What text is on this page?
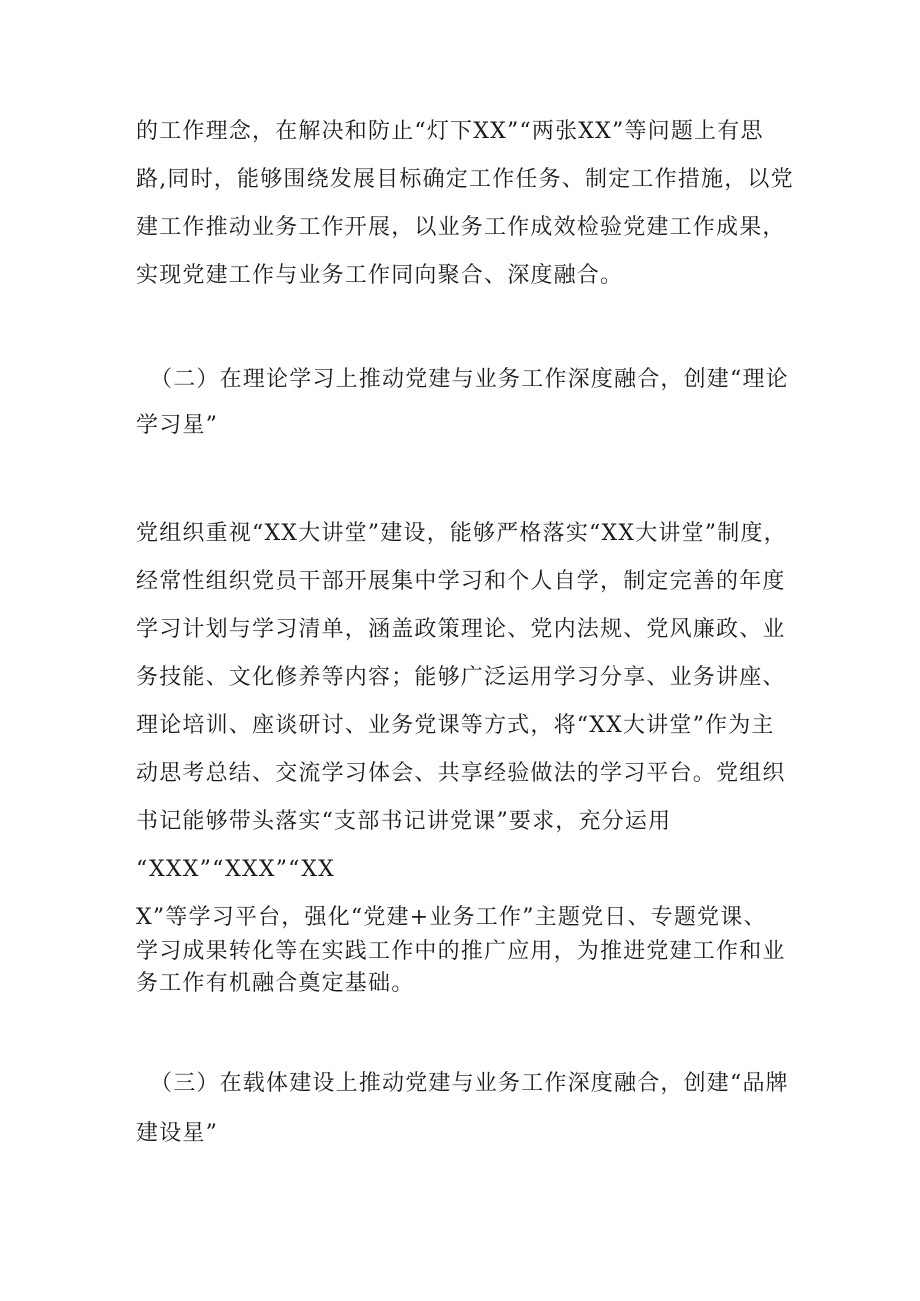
的工作理念，在解决和防止“灯下XX”“两张XX”等问题上有思
路,同时，能够围绕发展目标确定工作任务、制定工作措施，以党
建工作推动业务工作开展，以业务工作成效检验党建工作成果，
实现党建工作与业务工作同向聚合、深度融合。
（二）在理论学习上推动党建与业务工作深度融合，创建“理论
学习星”
党组织重视“XX大讲堂”建设，能够严格落实“XX大讲堂”制度，
经常性组织党员干部开展集中学习和个人自学，制定完善的年度
学习计划与学习清单，涵盖政策理论、党内法规、党风廉政、业
务技能、文化修养等内容；能够广泛运用学习分享、业务讲座、
理论培训、座谈研讨、业务党课等方式，将“XX大讲堂”作为主
动思考总结、交流学习体会、共享经验做法的学习平台。党组织
书记能够带头落实“支部书记讲党课”要求，充分运用
“XXX”“XXX”“XX
X”等学习平台，强化“党建+业务工作”主题党日、专题党课、
学习成果转化等在实践工作中的推广应用，为推进党建工作和业
务工作有机融合奠定基础。
（三）在载体建设上推动党建与业务工作深度融合，创建“品牌
建设星”
